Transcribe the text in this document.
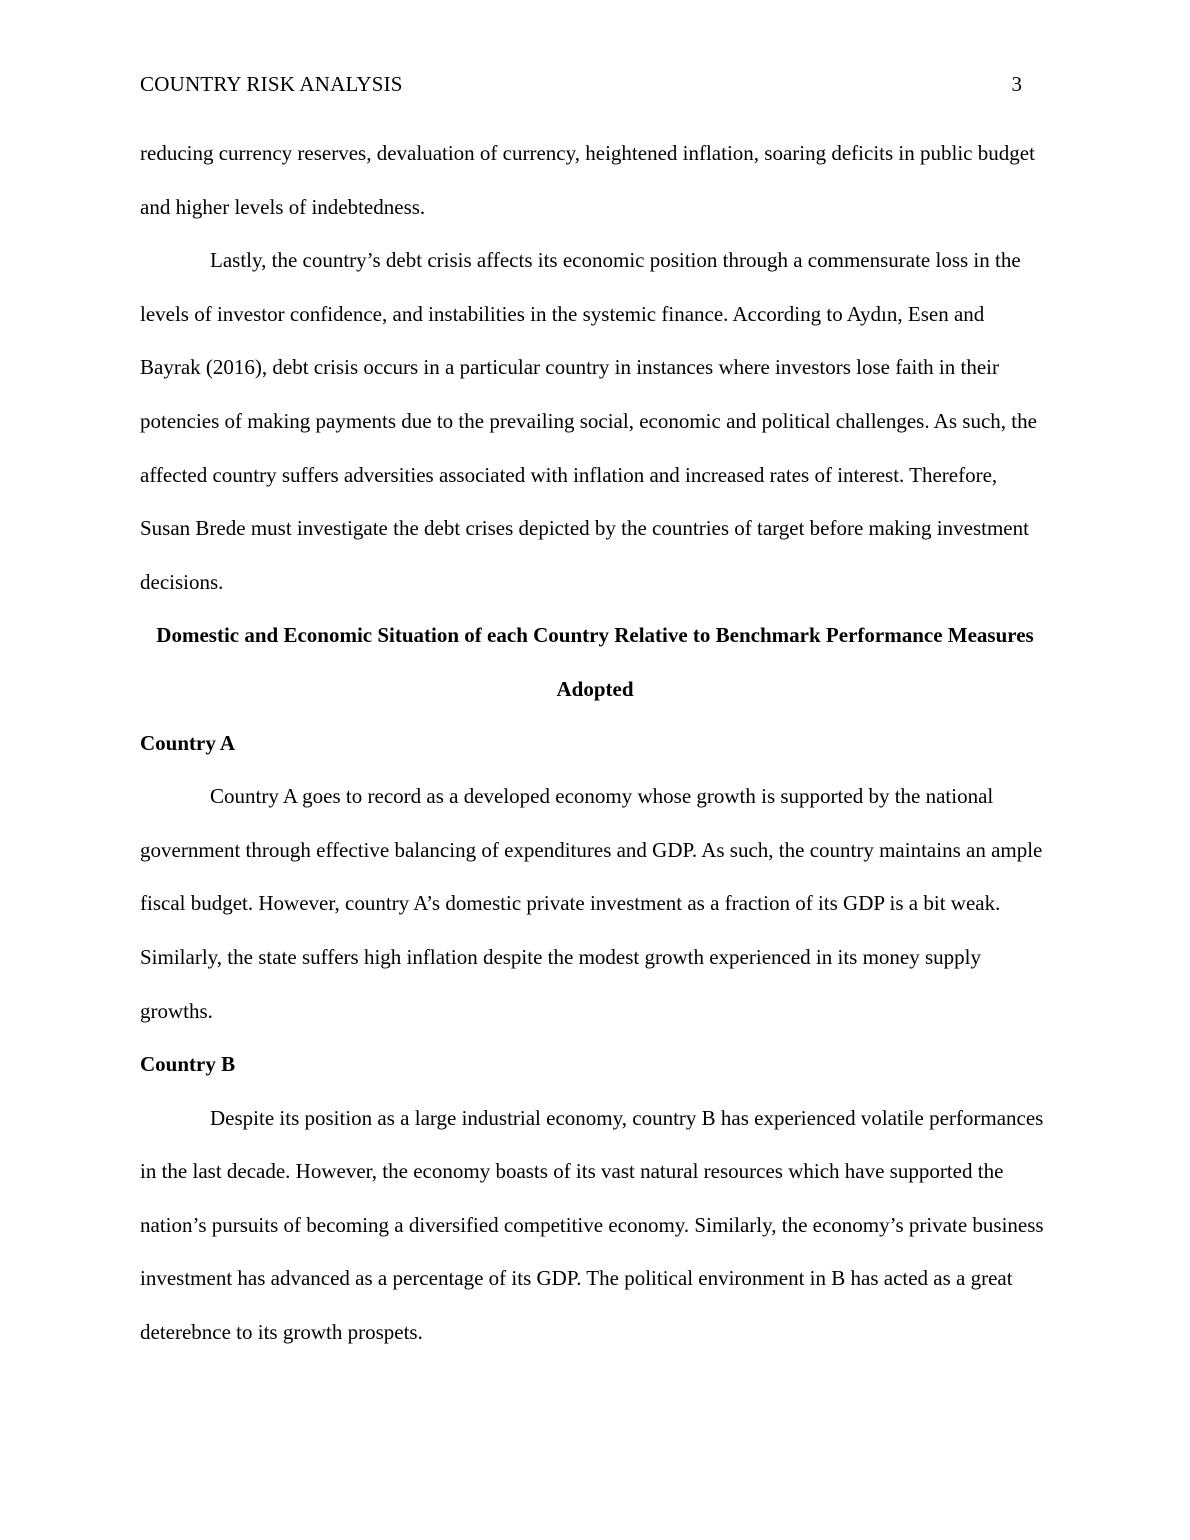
COUNTRY RISK ANALYSIS	3

reducing currency reserves, devaluation of currency, heightened inflation, soaring deficits in public budget and higher levels of indebtedness.

Lastly, the country’s debt crisis affects its economic position through a commensurate loss in the levels of investor confidence, and instabilities in the systemic finance. According to Aydın, Esen and Bayrak (2016), debt crisis occurs in a particular country in instances where investors lose faith in their potencies of making payments due to the prevailing social, economic and political challenges. As such, the affected country suffers adversities associated with inflation and increased rates of interest. Therefore, Susan Brede must investigate the debt crises depicted by the countries of target before making investment decisions.

Domestic and Economic Situation of each Country Relative to Benchmark Performance Measures Adopted

Country A

Country A goes to record as a developed economy whose growth is supported by the national government through effective balancing of expenditures and GDP. As such, the country maintains an ample fiscal budget. However, country A’s domestic private investment as a fraction of its GDP is a bit weak. Similarly, the state suffers high inflation despite the modest growth experienced in its money supply growths.

Country B

Despite its position as a large industrial economy, country B has experienced volatile performances in the last decade. However, the economy boasts of its vast natural resources which have supported the nation’s pursuits of becoming a diversified competitive economy. Similarly, the economy’s private business investment has advanced as a percentage of its GDP. The political environment in B has acted as a great deterebnce to its growth prospets.
